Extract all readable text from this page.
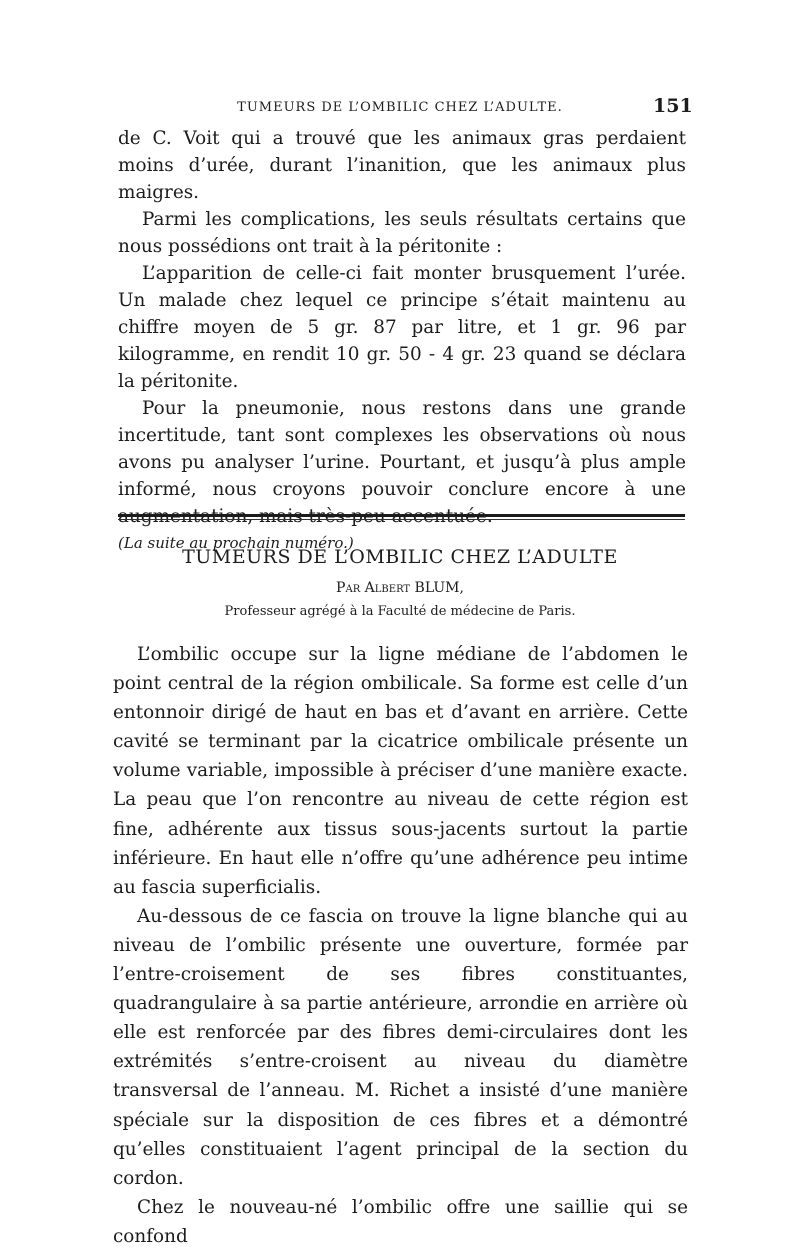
TUMEURS DE L’OMBILIC CHEZ L’ADULTE.	151

de C. Voit qui a trouvé que les animaux gras perdaient moins d’urée, durant l’inanition, que les animaux plus maigres.

Parmi les complications, les seuls résultats certains que nous possédions ont trait à la péritonite :

L’apparition de celle-ci fait monter brusquement l’urée. Un malade chez lequel ce principe s’était maintenu au chiffre moyen de 5 gr. 87 par litre, et 1 gr. 96 par kilogramme, en rendit 10 gr. 50 - 4 gr. 23 quand se déclara la péritonite.

Pour la pneumonie, nous restons dans une grande incertitude, tant sont complexes les observations où nous avons pu analyser l’urine. Pourtant, et jusqu’à plus ample informé, nous croyons pouvoir conclure encore à une

(La suite au prochain numéro.)

TUMEURS DE L’OMBILIC CHEZ L’ADULTE
Par Albert BLUM,
Professeur agrégé à la Faculté de médecine de Paris.

L’ombilic occupe sur la ligne médiane de l’abdomen le point central de la région ombilicale. Sa forme est celle d’un entonnoir dirigé de haut en bas et d’avant en arrière. Cette cavité se terminant par la cicatrice ombilicale présente un volume variable, impossible à préciser d’une manière exacte. La peau que l’on rencontre au niveau de cette région est fine, adhérente aux tissus sous-jacents surtout la partie inférieure. En haut elle n’offre qu’une adhérence peu intime au fascia superficialis.

Au-dessous de ce fascia on trouve la ligne blanche qui au niveau de l’ombilic présente une ouverture, formée par l’entre-croisement de ses fibres constituantes, quadrangulaire à sa partie antérieure, arrondie en arrière où elle est renforcée par des fibres demi-circulaires dont les extrémités s’entre-croisent au niveau du diamètre transversal de l’anneau. M. Richet a insisté d’une manière spéciale sur la disposition de ces fibres et a démontré qu’elles constituaient l’agent principal de la section du cordon.

Chez le nouveau-né l’ombilic offre une saillie qui se confond
